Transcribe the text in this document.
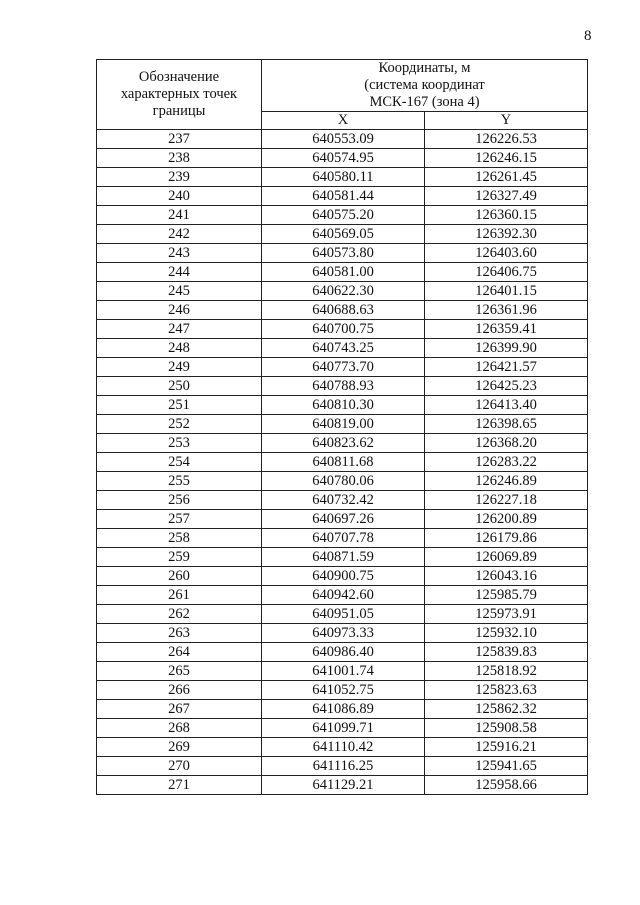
8
Обозначение
характерных точек
границы	Координаты, м
(система координат
МСК-167 (зона 4)	

	X	Y
237	640553.09	126226.53
238	640574.95	126246.15
239	640580.11	126261.45
240	640581.44	126327.49
241	640575.20	126360.15
242	640569.05	126392.30
243	640573.80	126403.60
244	640581.00	126406.75
245	640622.30	126401.15
246	640688.63	126361.96
247	640700.75	126359.41
248	640743.25	126399.90
249	640773.70	126421.57
250	640788.93	126425.23
251	640810.30	126413.40
252	640819.00	126398.65
253	640823.62	126368.20
254	640811.68	126283.22
255	640780.06	126246.89
256	640732.42	126227.18
257	640697.26	126200.89
258	640707.78	126179.86
259	640871.59	126069.89
260	640900.75	126043.16
261	640942.60	125985.79
262	640951.05	125973.91
263	640973.33	125932.10
264	640986.40	125839.83
265	641001.74	125818.92
266	641052.75	125823.63
267	641086.89	125862.32
268	641099.71	125908.58
269	641110.42	125916.21
270	641116.25	125941.65
271	641129.21	125958.66
